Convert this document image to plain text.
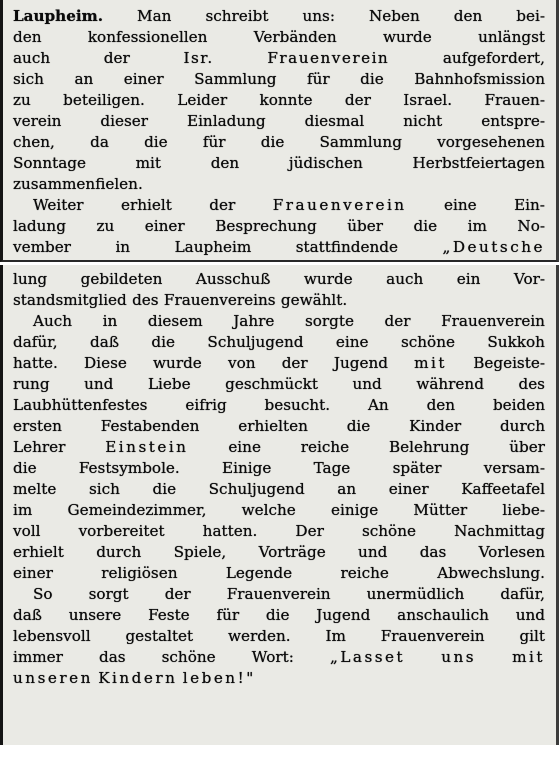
Laupheim. Man schreibt uns: Neben den bei-
den	konfessionellen	Verbänden	wurde	unlängst
auch	der	Isr.	Frauenverein	aufgefordert,
sich an einer Sammlung für die Bahnhofsmission
zu beteiligen. Leider konnte der Israel. Frauen-
verein	dieser	Einladung	diesmal	nicht	entspre-
chen, da die für die Sammlung vorgesehenen
Sonntage	mit	den	jüdischen	Herbstfeiertagen
zusammenfielen.
Weiter erhielt der Frauenverein eine Ein-
ladung zu einer Besprechung über die im No-
vember	in	Laupheim	stattfindende	„Deutsche
lung gebildeten Ausschuß wurde auch ein Vor-
standsmitglied des Frauenvereins gewählt.
Auch in diesem Jahre sorgte der Frauenverein
dafür, daß die Schuljugend eine schöne Sukkoh
hatte. Diese wurde von der Jugend mit Begeiste-
rung und Liebe geschmückt und während des
Laubhüttenfestes eifrig besucht. An den beiden
ersten	Festabenden	erhielten	die	Kinder	durch
Lehrer	Einstein	eine	reiche	Belehrung	über
die	Festsymbole.	Einige	Tage	später	versam-
melte sich die Schuljugend an einer Kaffeetafel
im Gemeindezimmer, welche einige Mütter liebe-
voll	vorbereitet	hatten.	Der	schöne	Nachmittag
erhielt durch Spiele, Vorträge und das Vorlesen
einer	religiösen	Legende	reiche	Abwechslung.
So sorgt der Frauenverein unermüdlich dafür,
daß unsere Feste für die Jugend anschaulich und
lebensvoll gestaltet werden. Im Frauenverein gilt
immer das schöne Wort: „Lasset uns mit
unseren Kindern leben!"
